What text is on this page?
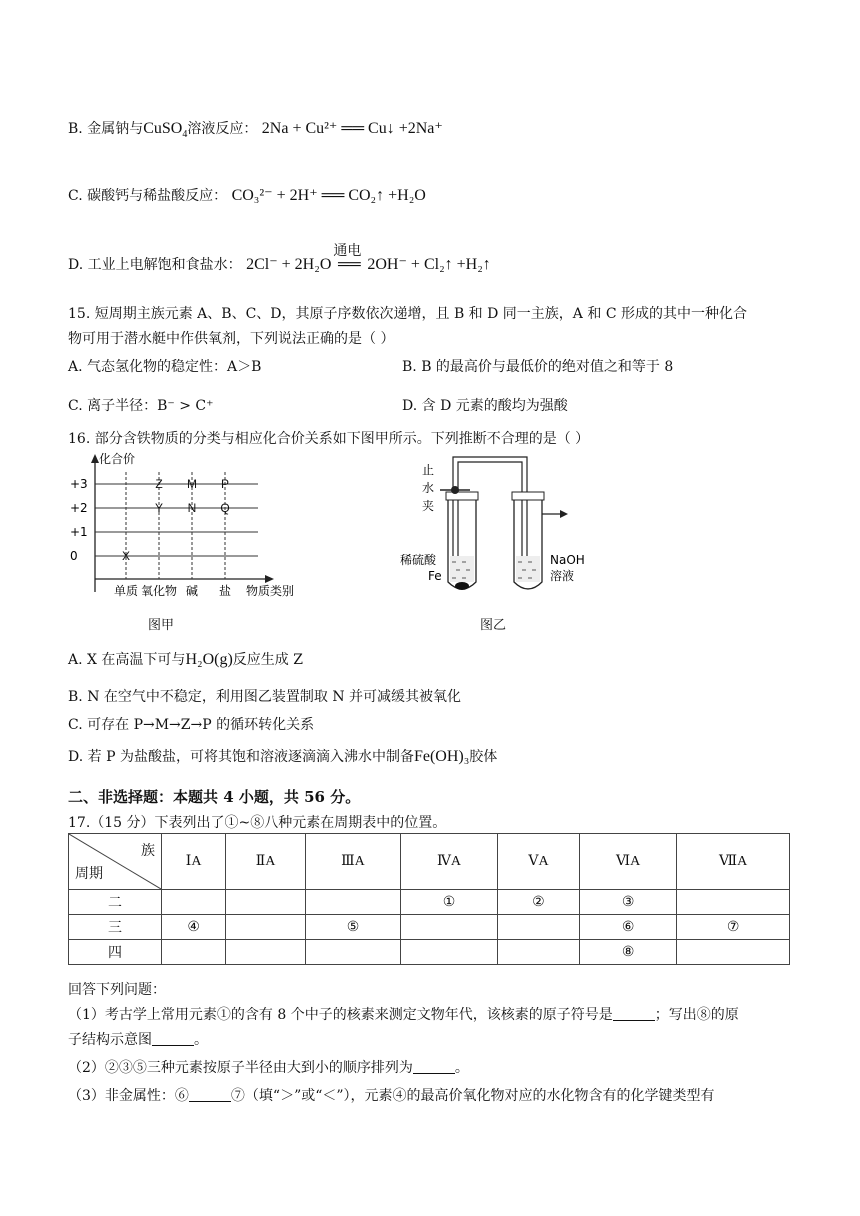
B. 金属钠与CuSO$_4$溶液反应： 2Na + Cu²⁺ ══ Cu↓ +2Na⁺
C. 碳酸钙与稀盐酸反应： CO₃²⁻ + 2H⁺ ══ CO₂↑ +H₂O
D. 工业上电解饱和食盐水： 2Cl⁻ + 2H₂O
通电
══ 2OH⁻ + Cl₂↑ +H₂↑
15. 短周期主族元素 A、B、C、D，其原子序数依次递增，且 B 和 D 同一主族，A 和 C 形成的其中一种化合
物可用于潜水艇中作供氧剂，下列说法正确的是（ ）
A. 气态氢化物的稳定性：A＞B	B. B 的最高价与最低价的绝对值之和等于 8
C. 离子半径：B⁻ > C⁺	D. 含 D 元素的酸均为强酸
16. 部分含铁物质的分类与相应化合价关系如下图甲所示。下列推断不合理的是（ ）
化合价
+3
+2
+1
0
单质 氧化物 碱 盐 物质类别
X
Y
Z
N
M
Q
P
图甲
止
水
夹
稀硫酸
Fe
NaOH
溶液
图乙
A. X 在高温下可与H₂O(g)反应生成 Z
B. N 在空气中不稳定，利用图乙装置制取 N 并可减缓其被氧化
C. 可存在 P→M→Z→P 的循环转化关系
D. 若 P 为盐酸盐，可将其饱和溶液逐滴滴入沸水中制备Fe(OH)₃胶体
二、非选择题：本题共 4 小题，共 56 分。
17.（15 分）下表列出了①~⑧八种元素在周期表中的位置。
族
周期	ⅠA	ⅡA	ⅢA	ⅣA	ⅤA	ⅥA	ⅦA
二				①	②	③	
三	④		⑤			⑥	⑦
四						⑧	
回答下列问题：
（1）考古学上常用元素①的含有 8 个中子的核素来测定文物年代，该核素的原子符号是	；写出⑧的原
子结构示意图	。
（2）②③⑤三种元素按原子半径由大到小的顺序排列为	。
（3）非金属性：⑥	⑦（填“＞”或“＜”），元素④的最高价氧化物对应的水化物含有的化学键类型有
